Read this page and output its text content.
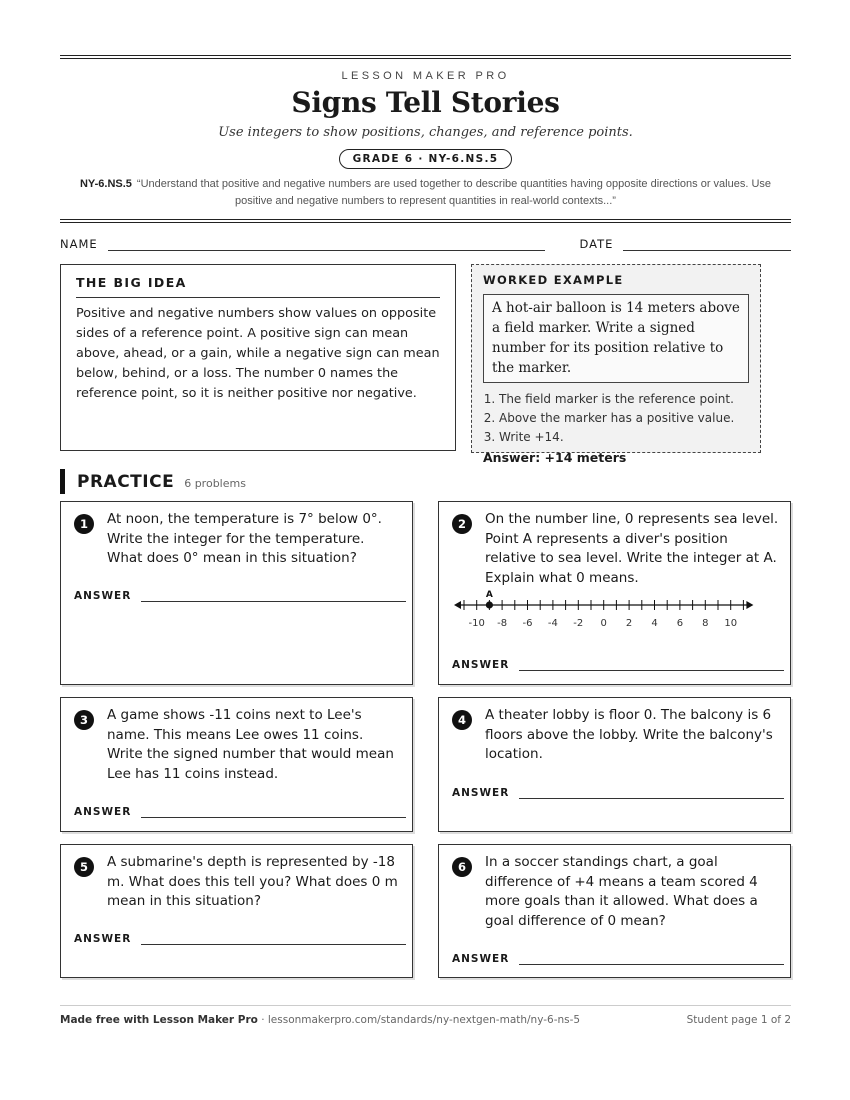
LESSON MAKER PRO
Signs Tell Stories
Use integers to show positions, changes, and reference points.
GRADE 6 · NY-6.NS.5
NY-6.NS.5 “Understand that positive and negative numbers are used together to describe quantities having opposite directions or values. Use positive and negative numbers to represent quantities in real-world contexts...”
NAME	DATE
THE BIG IDEA
Positive and negative numbers show values on opposite sides of a reference point. A positive sign can mean above, ahead, or a gain, while a negative sign can mean below, behind, or a loss. The number 0 names the reference point, so it is neither positive nor negative.
WORKED EXAMPLE
A hot-air balloon is 14 meters above a field marker. Write a signed number for its position relative to the marker.
1. The field marker is the reference point.
2. Above the marker has a positive value.
3. Write +14.
Answer: +14 meters
PRACTICE 6 problems
1	At noon, the temperature is 7° below 0°. Write the integer for the temperature. What does 0° mean in this situation?
ANSWER
2	On the number line, 0 represents sea level. Point A represents a diver's position relative to sea level. Write the integer at A. Explain what 0 means.
-10 -8 -6 -4 -2 0 2 4 6 8 10
A
ANSWER
3	A game shows -11 coins next to Lee's name. This means Lee owes 11 coins. Write the signed number that would mean Lee has 11 coins instead.
ANSWER
4	A theater lobby is floor 0. The balcony is 6 floors above the lobby. Write the balcony's location.
ANSWER
5	A submarine's depth is represented by -18 m. What does this tell you? What does 0 m mean in this situation?
ANSWER
6	In a soccer standings chart, a goal difference of +4 means a team scored 4 more goals than it allowed. What does a goal difference of 0 mean?
ANSWER
Made free with Lesson Maker Pro · lessonmakerpro.com/standards/ny-nextgen-math/ny-6-ns-5	Student page 1 of 2
